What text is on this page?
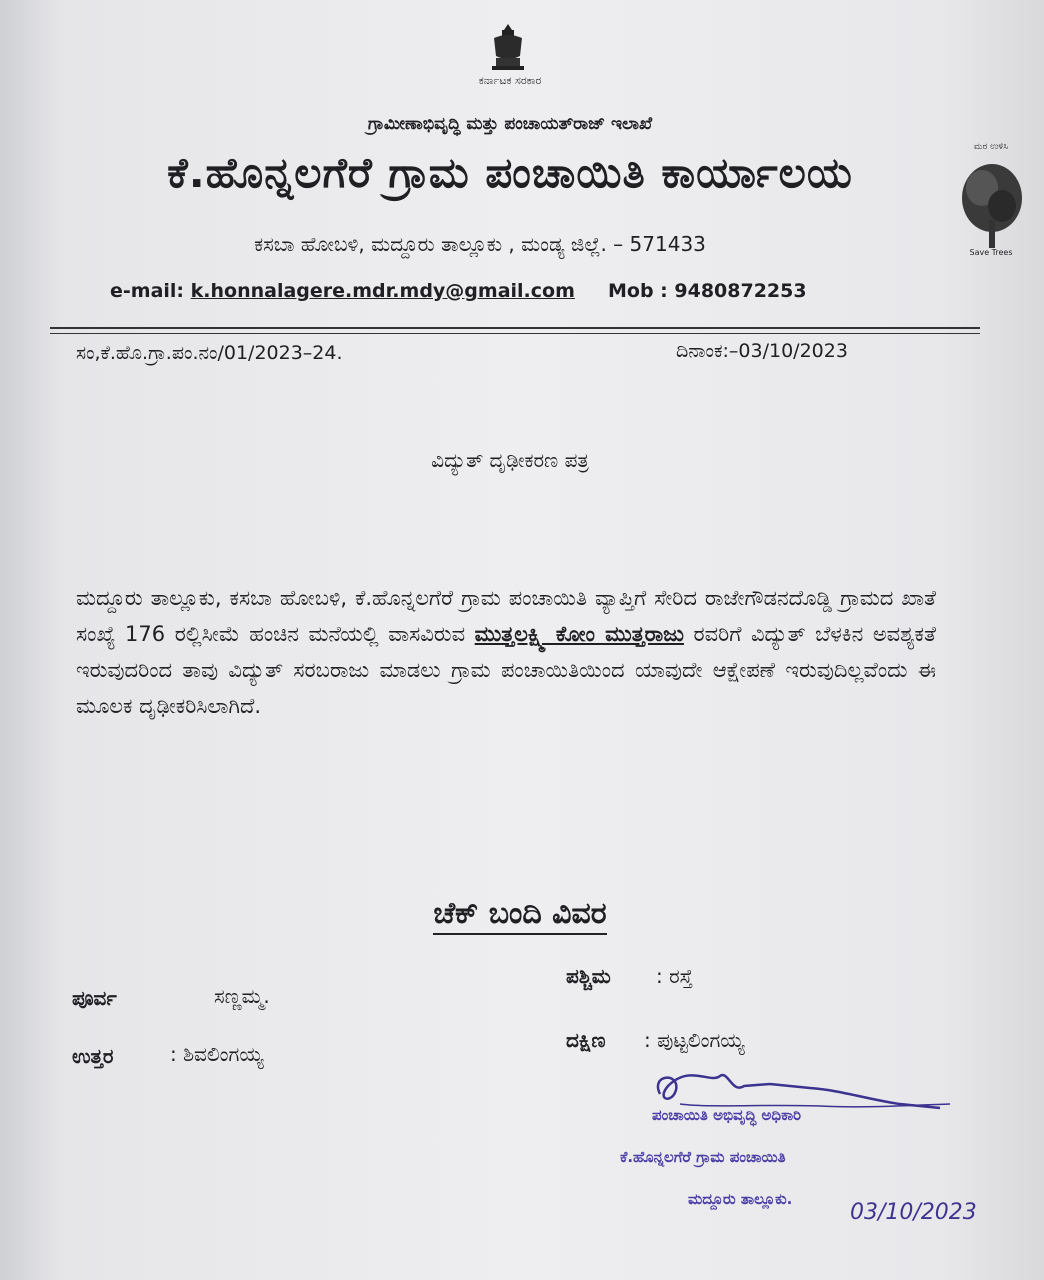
ಕರ್ನಾಟಕ ಸರಕಾರ
ಗ್ರಾಮೀಣಾಭಿವೃದ್ಧಿ ಮತ್ತು ಪಂಚಾಯತ್‌ರಾಜ್ ಇಲಾಖೆ
ಕೆ.ಹೊನ್ನಲಗೆರೆ ಗ್ರಾಮ ಪಂಚಾಯಿತಿ ಕಾರ್ಯಾಲಯ
ಕಸಬಾ ಹೋಬಳಿ, ಮದ್ದೂರು ತಾಲ್ಲೂಕು , ಮಂಡ್ಯ ಜಿಲ್ಲೆ. – 571433
e-mail: k.honnalagere.mdr.mdy@gmail.com Mob : 9480872253
ಮರ ಉಳಿಸಿ
Save Trees
ಸಂ,ಕೆ.ಹೊ.ಗ್ರಾ.ಪಂ.ನಂ/01/2023–24.	ದಿನಾಂಕ:–03/10/2023
ವಿದ್ಯುತ್ ದೃಢೀಕರಣ ಪತ್ರ
ಮದ್ದೂರು ತಾಲ್ಲೂಕು, ಕಸಬಾ ಹೋಬಳಿ, ಕೆ.ಹೊನ್ನಲಗೆರೆ ಗ್ರಾಮ ಪಂಚಾಯಿತಿ ವ್ಯಾಪ್ತಿಗೆ ಸೇರಿದ ರಾಜೇಗೌಡನದೊಡ್ಡಿ ಗ್ರಾಮದ ಖಾತೆ ಸಂಖ್ಯೆ 176 ರಲ್ಲಿಸೀಮೆ ಹಂಚಿನ ಮನೆಯಲ್ಲಿ ವಾಸವಿರುವ ಮುತ್ತಲಕ್ಷ್ಮಿ ಕೋಂ ಮುತ್ತರಾಜು ರವರಿಗೆ ವಿದ್ಯುತ್ ಬೆಳಕಿನ ಅವಶ್ಯಕತೆ ಇರುವುದರಿಂದ ತಾವು ವಿದ್ಯುತ್ ಸರಬರಾಜು ಮಾಡಲು ಗ್ರಾಮ ಪಂಚಾಯಿತಿಯಿಂದ ಯಾವುದೇ ಆಕ್ಷೇಪಣೆ ಇರುವುದಿಲ್ಲವೆಂದು ಈ ಮೂಲಕ ದೃಢೀಕರಿಸಿಲಾಗಿದೆ.
ಚೆಕ್ ಬಂದಿ ವಿವರ
ಪೂರ್ವ	ಸಣ್ಣಮ್ಮ.
ಪಶ್ಚಿಮ : ರಸ್ತೆ
ಉತ್ತರ	: ಶಿವಲಿಂಗಯ್ಯ
ದಕ್ಷಿಣ : ಪುಟ್ಟಲಿಂಗಯ್ಯ
ಪಂಚಾಯಿತಿ ಅಭಿವೃದ್ಧಿ ಅಧಿಕಾರಿ
ಕೆ.ಹೊನ್ನಲಗೆರೆ ಗ್ರಾಮ ಪಂಚಾಯಿತಿ
ಮದ್ದೂರು ತಾಲ್ಲೂಕು.
03/10/2023
